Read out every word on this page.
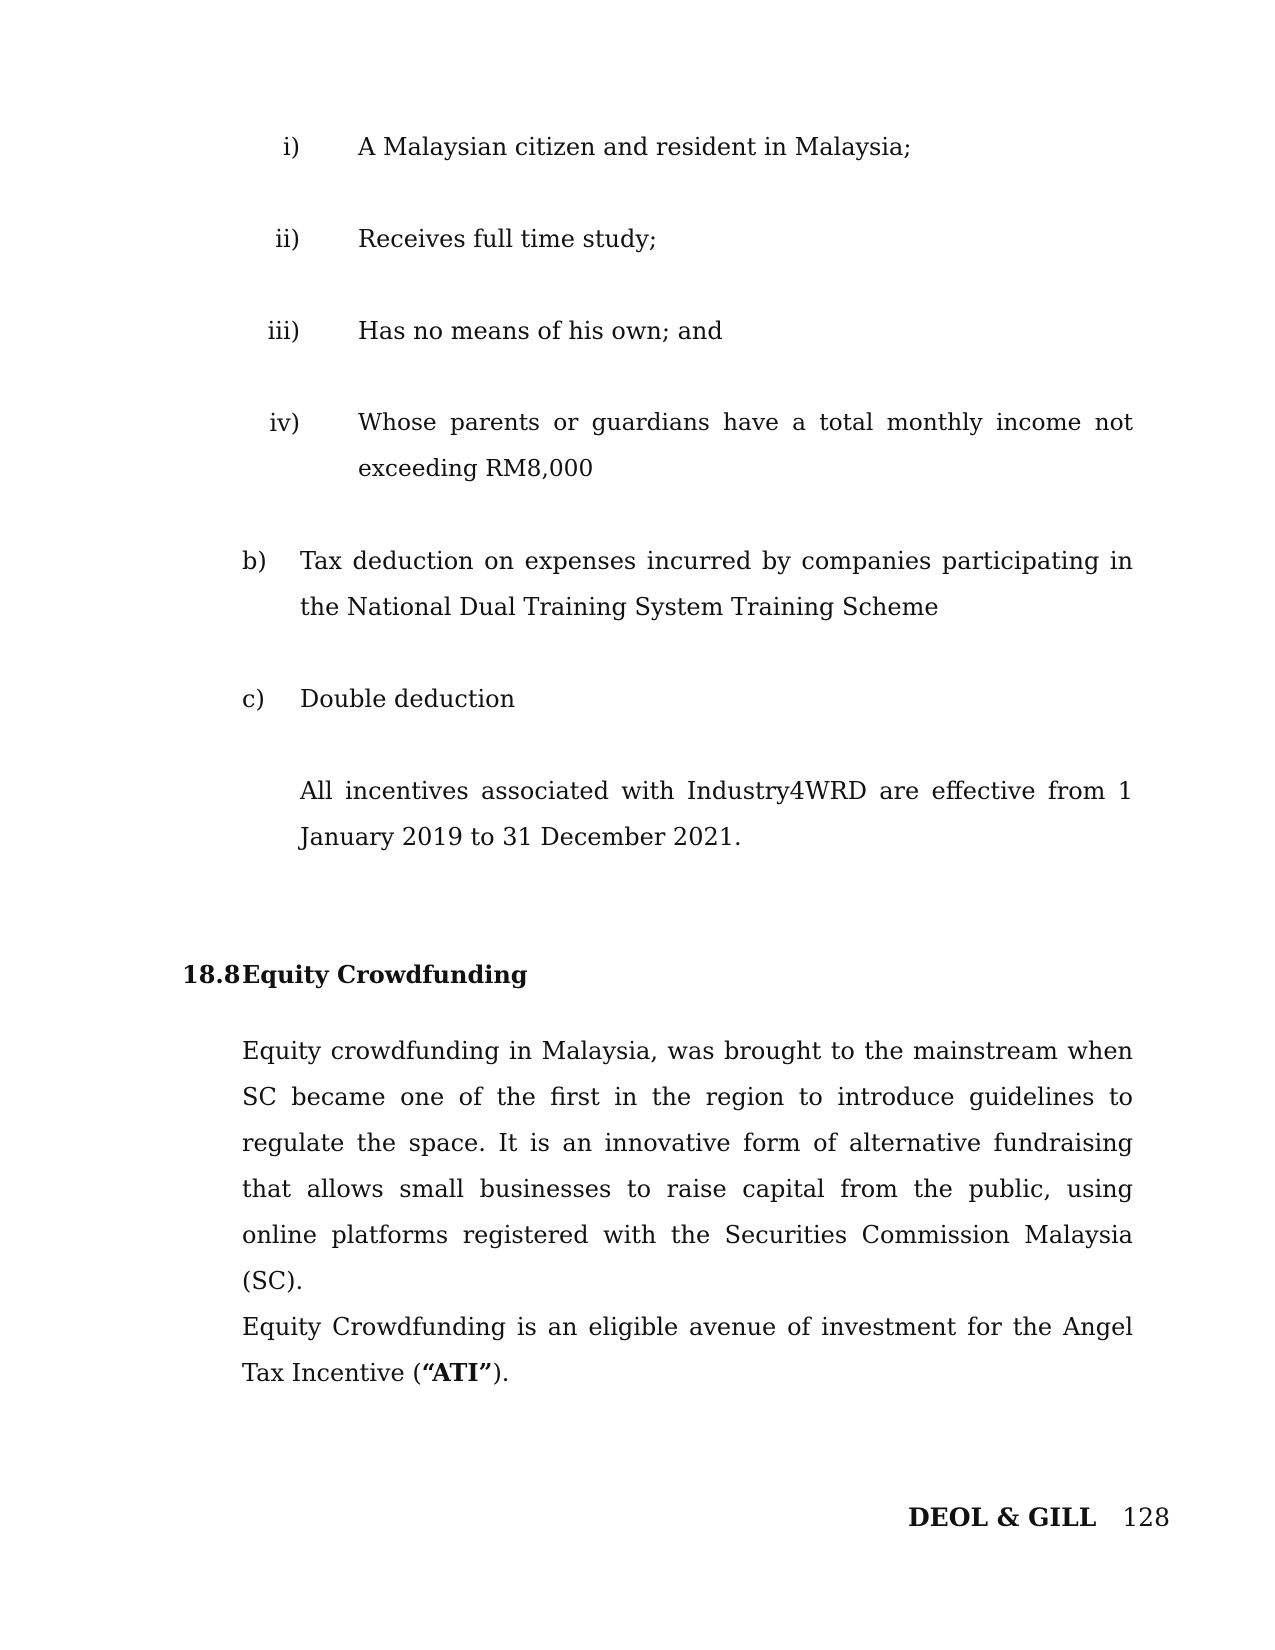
i) A Malaysian citizen and resident in Malaysia;
ii) Receives full time study;
iii) Has no means of his own; and
iv) Whose parents or guardians have a total monthly income not exceeding RM8,000
b) Tax deduction on expenses incurred by companies participating in the National Dual Training System Training Scheme
c) Double deduction
All incentives associated with Industry4WRD are effective from 1 January 2019 to 31 December 2021.
18.8 Equity Crowdfunding
Equity crowdfunding in Malaysia, was brought to the mainstream when SC became one of the first in the region to introduce guidelines to regulate the space. It is an innovative form of alternative fundraising that allows small businesses to raise capital from the public, using online platforms registered with the Securities Commission Malaysia (SC).
Equity Crowdfunding is an eligible avenue of investment for the Angel Tax Incentive (“ATI”).
DEOL & GILL 128
